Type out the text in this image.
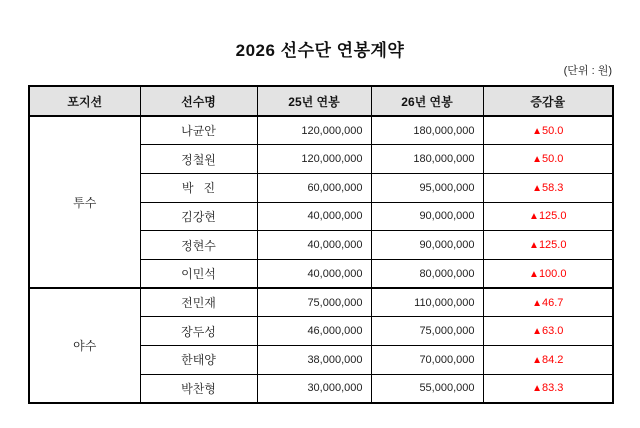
2026 선수단 연봉계약
(단위 : 원)
포지션	선수명	25년 연봉	26년 연봉	증감율
투수	나균안	120,000,000	180,000,000	▲50.0
	정철원	120,000,000	180,000,000	▲50.0
	박   진	60,000,000	95,000,000	▲58.3
	김강현	40,000,000	90,000,000	▲125.0
	정현수	40,000,000	90,000,000	▲125.0
	이민석	40,000,000	80,000,000	▲100.0
야수	전민재	75,000,000	110,000,000	▲46.7
	장두성	46,000,000	75,000,000	▲63.0
	한태양	38,000,000	70,000,000	▲84.2
	박찬형	30,000,000	55,000,000	▲83.3
